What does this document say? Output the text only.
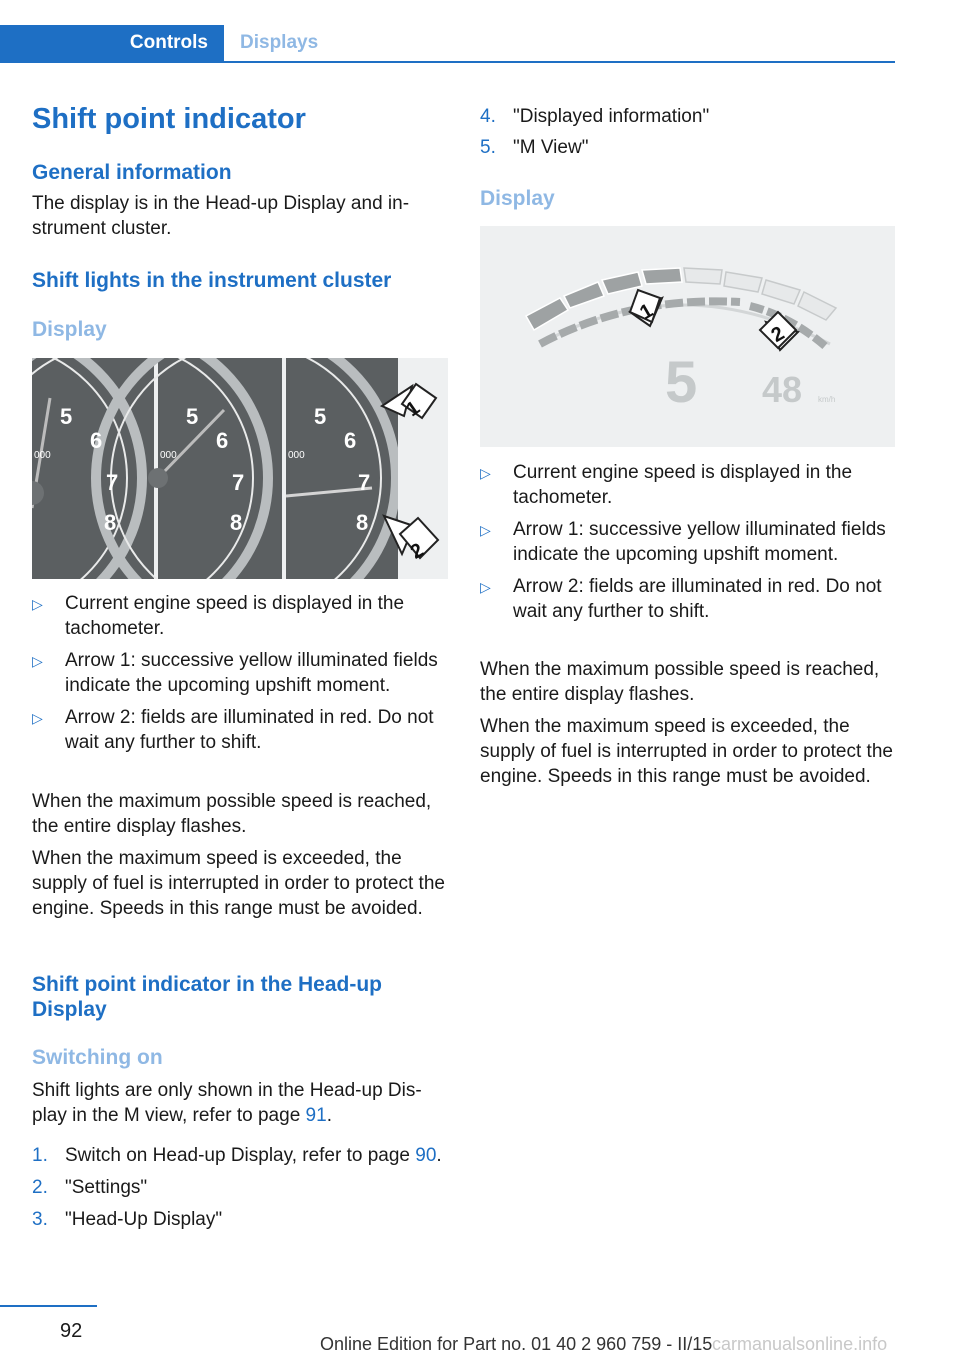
Controls	Displays
Shift point indicator
General information

The display is in the Head-up Display and instrument cluster.

Shift lights in the instrument cluster
Display
5
6
7
8
5
6
7
8
5
6
7
8
000	000	000
1
2
▷	Current engine speed is displayed in the tachometer.
▷	Arrow 1: successive yellow illuminated fields indicate the upcoming upshift moment.
▷	Arrow 2: fields are illuminated in red. Do not wait any further to shift.

When the maximum possible speed is reached, the entire display flashes.

When the maximum speed is exceeded, the supply of fuel is interrupted in order to protect the engine. Speeds in this range must be avoided.

Shift point indicator in the Head-up Display
Switching on

Shift lights are only shown in the Head-up Display in the M view, refer to page 91.

1. Switch on Head-up Display, refer to page 90.
2. "Settings"
3. "Head-Up Display"
4. "Displayed information"
5. "M View"
Display
5 48 km/h
1
2
▷	Current engine speed is displayed in the tachometer.
▷	Arrow 1: successive yellow illuminated fields indicate the upcoming upshift moment.
▷	Arrow 2: fields are illuminated in red. Do not wait any further to shift.

When the maximum possible speed is reached, the entire display flashes.

When the maximum speed is exceeded, the supply of fuel is interrupted in order to protect the engine. Speeds in this range must be avoided.

92
Online Edition for Part no. 01 40 2 960 759 - II/15 carmanualsonline.info
